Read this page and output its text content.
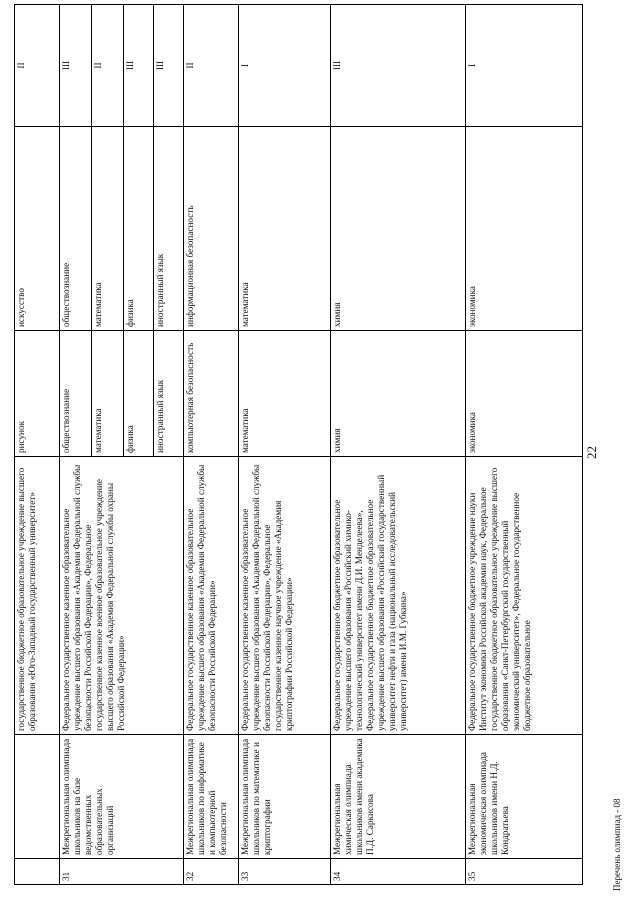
22
		государственное бюджетное образовательное учреждение высшего образования «Юго-Западный государственный университет»	рисунок	искусство	II
31	Межрегиональная олимпиада школьников на базе ведомственных образовательных организаций	Федеральное государственное казенное образовательное учреждение высшего образования «Академия Федеральной службы безопасности Российской Федерации», Федеральное государственное казенное военное образовательное учреждение высшего образования «Академия Федеральной службы охраны Российской Федерации»	обществознание	обществознание	III
			математика	математика	II
			физика	физика	III
			иностранный язык	иностранный язык	III
32	Межрегиональная олимпиада школьников по информатике и компьютерной безопасности	Федеральное государственное казенное образовательное учреждение высшего образования «Академия Федеральной службы безопасности Российской Федерации»	компьютерная безопасность	информационная безопасность	II
33	Межрегиональная олимпиада школьников по математике и криптографии	Федеральное государственное казенное образовательное учреждение высшего образования «Академия Федеральной службы безопасности Российской Федерации», Федеральное государственное казенное научное учреждение «Академия криптографии Российской Федерации»	математика	математика	I
34	Межрегиональная химическая олимпиада школьников имени академика П.Д. Саркисова	Федеральное государственное бюджетное образовательное учреждение высшего образования «Российский химико-технологический университет имени Д.И. Менделеева», Федеральное государственное бюджетное образовательное учреждение высшего образования «Российский государственный университет нефти и газа (национальный исследовательский университет) имени И.М. Губкина»	химия	химия	III
35	Межрегиональная экономическая олимпиада школьников имени Н.Д. Кондратьева	Федеральное государственное бюджетное учреждение науки Институт экономики Российской академии наук, Федеральное государственное бюджетное образовательное учреждение высшего образования «Санкт-Петербургский государственный экономический университет», Федеральное государственное бюджетное образовательное	экономика	экономика	I
Перечень олимпиад - 08
